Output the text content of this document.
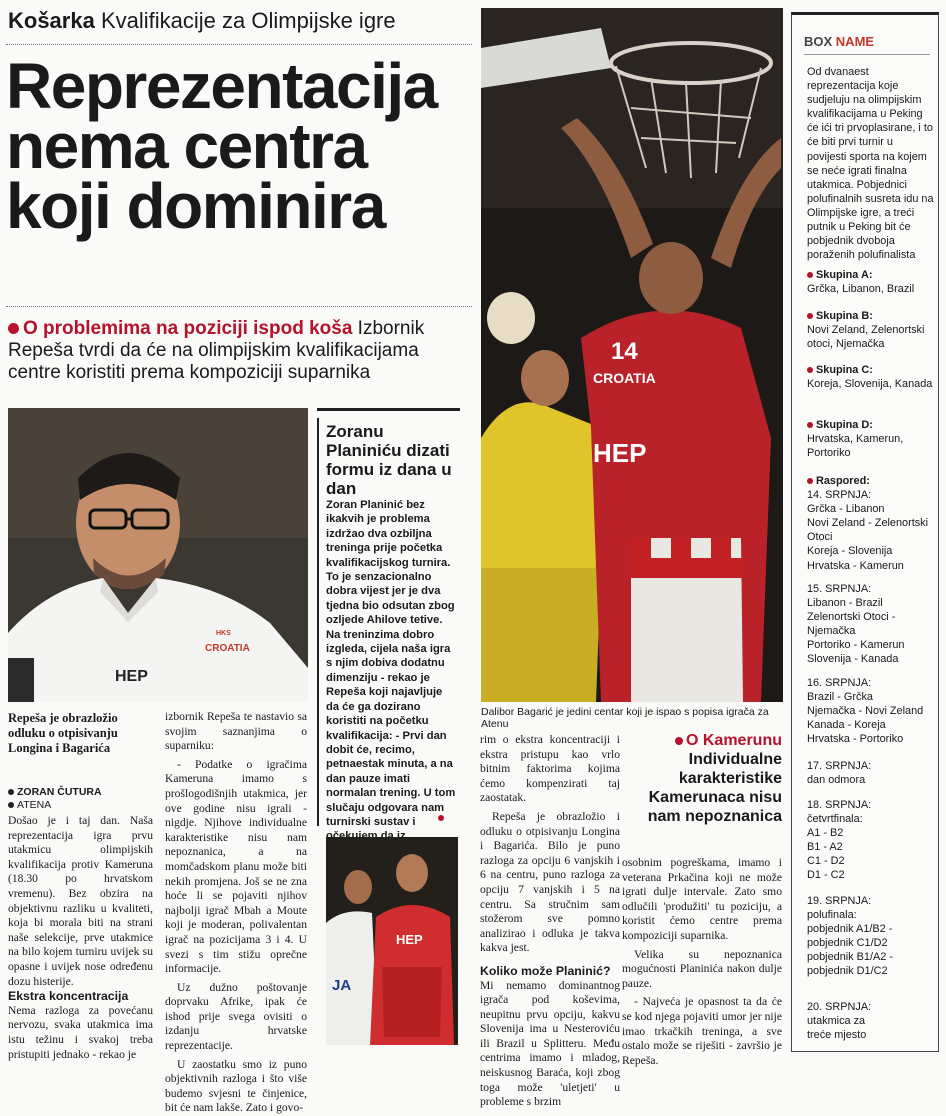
Košarka Kvalifikacije za Olimpijske igre
Reprezentacija
nema centra
koji dominira
O problemima na poziciji ispod koša Izbornik Repeša tvrdi da će na olimpijskim kvalifikacijama centre koristiti prema kompoziciji suparnika
HEP
CROATIA
HKS
Repeša je obrazložio odluku o otpisivanju Longina i Bagarića
ZORAN ČUTURA
ATENA

Došao je i taj dan. Naša reprezentacija igra prvu utakmicu olimpijskih kvalifikacija protiv Kameruna (18.30 po hrvatskom vremenu). Bez obzira na objektivnu razliku u kvaliteti, koja bi morala biti na strani naše selekcije, prve utakmice na bilo kojem turniru uvijek su opasne i uvijek nose određenu dozu histerije.

Ekstra koncentracija

Nema razloga za povećanu nervozu, svaka utakmica ima istu težinu i svakoj treba pristupiti jednako - rekao je

izbornik Repeša te nastavio sa svojim saznanjima o suparniku:

- Podatke o igračima Kameruna imamo s prošlogodišnjih utakmica, jer ove godine nisu igrali - nigdje. Njihove individualne karakteristike nisu nam nepoznanica, a na momčadskom planu može biti nekih promjena. Još se ne zna hoće li se pojaviti njihov najbolji igrač Mbah a Moute koji je moderan, polivalentan igrač na pozicijama 3 i 4. U svezi s tim stižu oprečne informacije.

Uz dužno poštovanje doprvaku Afrike, ipak će ishod prije svega ovisiti o izdanju hrvatske reprezentacije.

U zaostatku smo iz puno objektivnih razloga i što više budemo svjesni te činjenice, bit će nam lakše. Zato i govo-

Zoranu Planiniću dizati formu iz dana u dan

Zoran Planinić bez ikakvih je problema izdržao dva ozbiljna treninga prije početka kvalifikacijskog turnira. To je senzacionalno dobra vijest jer je dva tjedna bio odsutan zbog ozljede Ahilove tetive. Na treninzima dobro izgleda, cijela naša igra s njim dobiva dodatnu dimenziju - rekao je Repeša koji najavljuje da će ga dozirano koristiti na početku kvalifikacija: - Prvi dan dobit će, recimo, petnaestak minuta, a na dan pauze imati normalan trening. U tom slučaju odgovara nam turnirski sustav i

HEP
JA
14
CROATIA
HEP
Dalibor Bagarić je jedini centar koji je ispao s popisa igrača za Atenu

rim o ekstra koncentraciji i ekstra pristupu kao vrlo bitnim faktorima kojima ćemo kompenzirati taj zaostatak.

Repeša je obrazložio i odluku o otpisivanju Longina i Bagarića. Bilo je puno razloga za opciju 6 vanjskih i 6 na centru, puno razloga za opciju 7 vanjskih i 5 na centru. Sa stručnim sam stožerom sve pomno analizirao i odluka je takva kakva jest.

Koliko može Planinić?

Mi nemamo dominantnog igrača pod koševima, neupitnu prvu opciju, kakvu Slovenija ima u Nesteroviću ili Brazil u Splitteru. Među centrima imamo i mladog, neiskusnog Baraća, koji zbog toga može 'uletjeti' u probleme s brzim

O Kamerunu
Individualne karakteristike Kamerunaca nisu nam nepoznanica

osobnim pogreškama, imamo i veterana Prkačina koji ne može igrati dulje intervale. Zato smo odlučili 'produžiti' tu poziciju, a koristit ćemo centre prema kompoziciji suparnika.

Velika su nepoznanica mogućnosti Planinića nakon dulje pauze.

- Najveća je opasnost ta da će se kod njega pojaviti umor jer nije imao trkačkih treninga, a sve ostalo može se riješiti - završio je Repeša.

BOX NAME
Od dvanaest reprezentacija koje sudjeluju na olimpijskim kvalifikacijama u Peking će ići tri prvoplasirane, i to će biti prvi turnir u povijesti sporta na kojem se neće igrati finalna utakmica. Pobjednici polufinalnih susreta idu na Olimpijske igre, a treći putnik u Peking bit će pobjednik dvoboja poraženih polufinalista
Skupina A:
Grčka, Libanon, Brazil
Skupina B:
Novi Zeland, Zelenortski otoci, Njemačka
Skupina C:
Koreja, Slovenija, Kanada
Skupina D:
Hrvatska, Kamerun, Portoriko
Raspored:
14. SRPNJA:
Grčka - Libanon
Novi Zeland - Zelenortski Otoci
Koreja - Slovenija
Hrvatska - Kamerun
15. SRPNJA:
Libanon - Brazil
Zelenortski Otoci - Njemačka
Portoriko - Kamerun
Slovenija - Kanada
16. SRPNJA:
Brazil - Grčka
Njemačka - Novi Zeland
Kanada - Koreja
Hrvatska - Portoriko
17. SRPNJA:
dan odmora
18. SRPNJA:
četvrtfinala:
A1 - B2
B1 - A2
C1 - D2
D1 - C2
19. SRPNJA:
polufinala:
pobjednik A1/B2 -
pobjednik C1/D2
pobjednik B1/A2 -
pobjednik D1/C2
20. SRPNJA:
utakmica za
treće mjesto
